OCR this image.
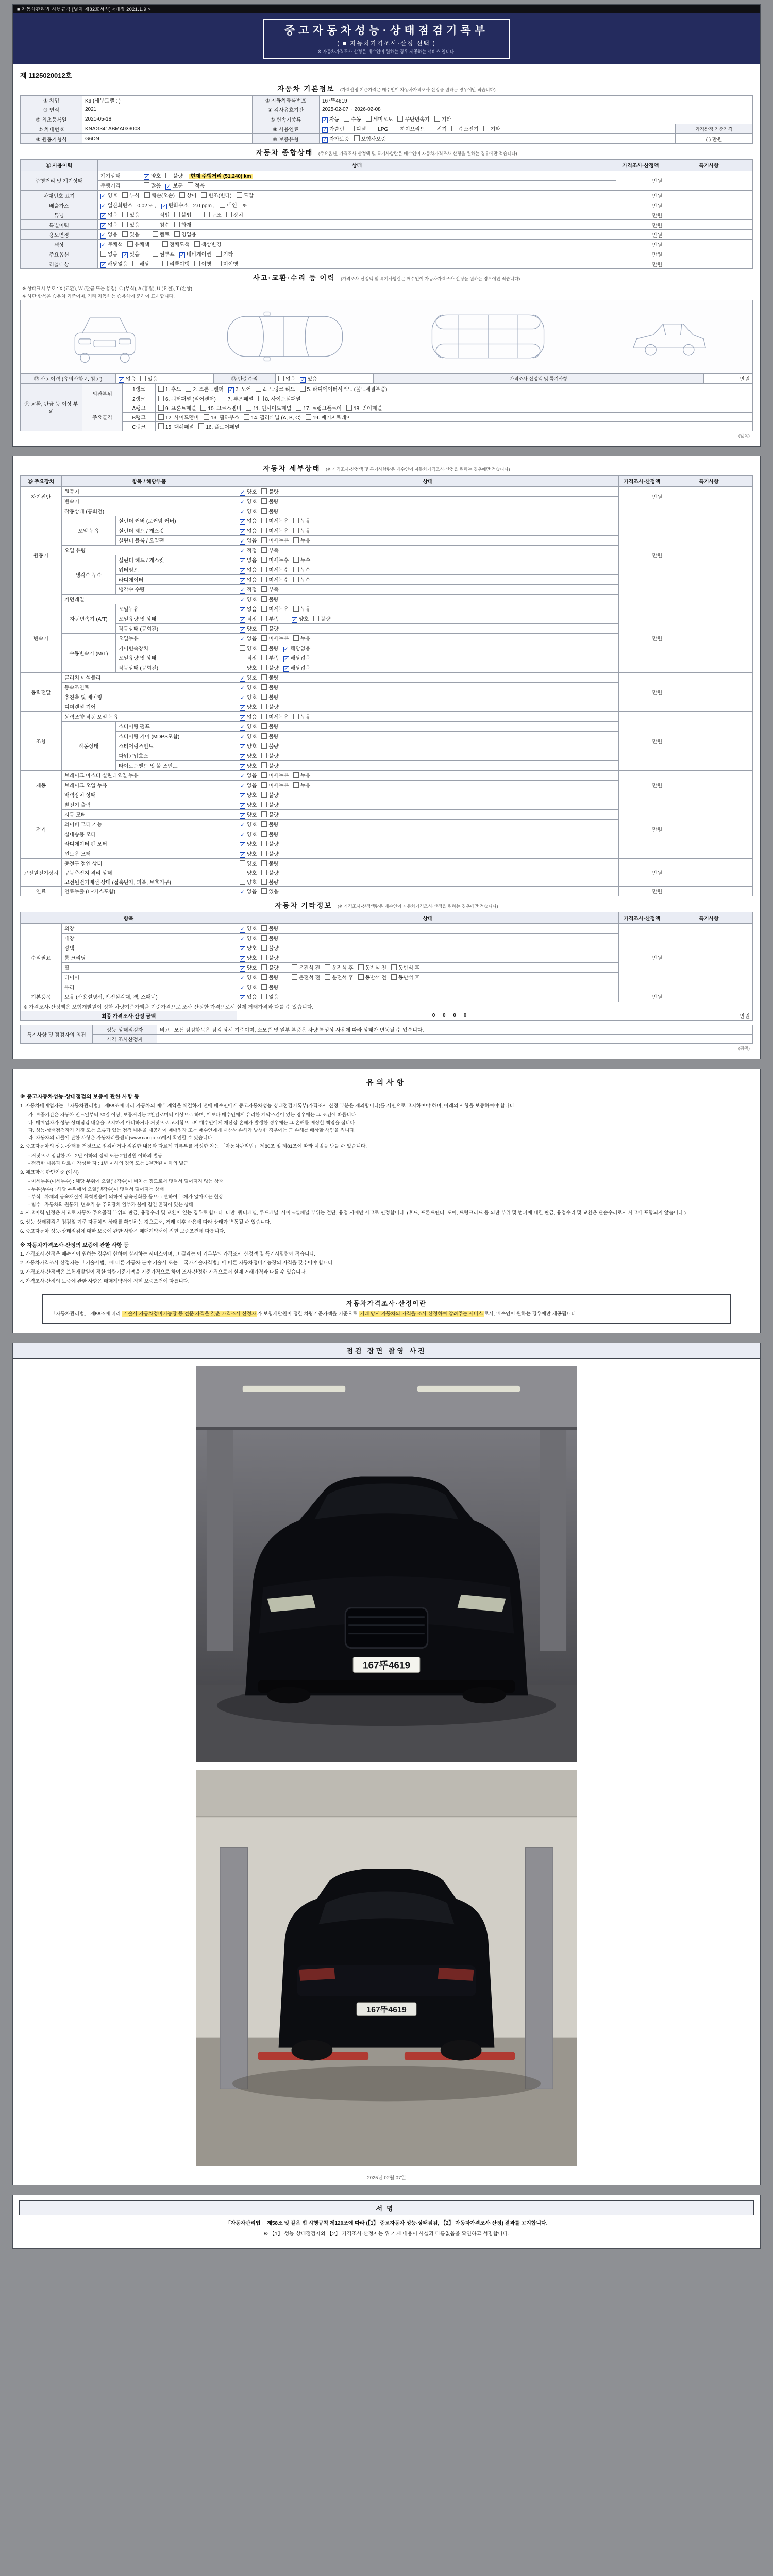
■ 자동차관리법 시행규칙 [별지 제82호서식] <개정 2021.1.9.>
중고자동차성능·상태점검기록부
( ■ 자동차가격조사·산정 선택 )
※ 자동차가격조사·산정은 매수인이 원하는 경우 제공하는 서비스 입니다.
제 1125020012호
자동차 기본정보 (가격산정 기준가격은 매수인이 자동차가격조사·산정을 원하는 경우에만 적습니다)
① 차명	K9 (세부모델 : )	② 자동차등록번호	167뚜4619	
③ 연식	2021	④ 검사유효기간	2025-02-07 ~ 2026-02-08	
⑤ 최초등록일	2021-05-18	⑥ 변속기종류	✓자동 수동 세미오토 무단변속기 기타
⑦ 차대번호	KNAG341ABMA033008	⑧ 사용연료	✓가솔린 디젤 LPG 하이브리드 전기 수소전기 기타	가격산정 기준가격
⑨ 원동기형식	G6DN	⑩ 보증유형	✓자가보증 보험사보증	( ) 만원
자동차 종합상태 (주요옵션, 가격조사·산정액 및 특기사항란은 매수인이 자동차가격조사·산정을 원하는 경우에만 적습니다)
⑪ 사용이력	상태	가격조사·산정액	특기사항
주행거리 및 계기상태	계기상태 ✓ 양호 불량 현재 주행거리 (51,240) km	만원	
	주행거리 많음 ✓ 보통 적음
차대번호 표기	✓양호 부식 훼손(오손) 상이 변조(변타) 도말	만원	
배출가스	✓일산화탄소 0.02 % , ✓ 탄화수소 2.0 ppm , 매연 %	만원	
튜닝	✓없음 있음 적법 불법 구조 장치	만원	
특별이력	✓없음 있음 침수 화재	만원	
용도변경	✓없음 있음 렌트 영업용	만원	
색상	✓무채색 유채색 전체도색 색상변경	만원	
주요옵션	없음 ✓ 있음 썬루프 ✓ 네비게이션 기타	만원	
리콜대상	✓해당없음 해당 리콜이행 이행 미이행	만원	
사고·교환·수리 등 이력 (가격조사·산정액 및 특기사항란은 매수인이 자동차가격조사·산정을 원하는 경우에만 적습니다)
※ 상태표시 부호 : X (교환), W (판금 또는 용접), C (부식), A (흠집), U (요철), T (손상)
※ 하단 항목은 승용차 기준이며, 기타 자동차는 승용차에 준하여 표시합니다.
⑫ 사고이력 (유의사항 4. 참고)	✓없음 있음	⑬ 단순수리	없음 ✓ 있음	가격조사·산정액 및 특기사항	만원
⑭ 교환, 판금 등 이상 부위	외판부위	1랭크	1. 후드 2. 프론트펜더 ✓ 3. 도어 4. 트렁크 리드 5. 라디에이터서포트 (볼트체결부품)
		2랭크	6. 쿼터패널 (리어펜더) 7. 루프패널 8. 사이드실패널
	주요골격	A랭크	9. 프론트패널 10. 크로스멤버 11. 인사이드패널 17. 트렁크플로어 18. 리어패널
		B랭크	12. 사이드멤버 13. 휠하우스 14. 필러패널 (A, B, C) 19. 패키지트레이
		C랭크	15. 대쉬패널 16. 플로어패널
(앞쪽)
자동차 세부상태 (※ 가격조사·산정액 및 특기사항란은 매수인이 자동차가격조사·산정을 원하는 경우에만 적습니다)
⑮ 주요장치	항목 / 해당부품		상태	가격조사·산정액	특기사항
자기진단	원동기	✓양호 불량	만원	
	변속기	✓양호 불량
원동기	작동상태 (공회전)	✓양호 불량	만원	
	오일 누유	실린더 커버 (로커암 커버)	✓없음 미세누유 누유
		실린더 헤드 / 개스킷	✓없음 미세누유 누유
		실린더 블록 / 오일팬	✓없음 미세누유 누유
	오일 유량	✓적정 부족
	냉각수 누수	실린더 헤드 / 개스킷	✓없음 미세누수 누수
		워터펌프	✓없음 미세누수 누수
		라디에이터	✓없음 미세누수 누수
		냉각수 수량	✓적정 부족
	커먼레일	✓양호 불량
변속기	자동변속기 (A/T)	오일누유	✓없음 미세누유 누유	만원	
		오일유량 및 상태	✓적정 부족 ✓ 양호 불량
		작동상태 (공회전)	✓양호 불량
	수동변속기 (M/T)	오일누유	✓없음 미세누유 누유
		기어변속장치	양호 불량 ✓ 해당없음
		오일유량 및 상태	적정 부족 ✓ 해당없음
		작동상태 (공회전)	양호 불량 ✓ 해당없음
동력전달	클러치 어셈블리	✓양호 불량	만원	
	등속조인트	✓양호 불량
	추진축 및 베어링	✓양호 불량
	디퍼렌셜 기어	✓양호 불량
조향	동력조향 작동 오일 누유	✓없음 미세누유 누유	만원	
	작동상태	스티어링 펌프	✓양호 불량
		스티어링 기어 (MDPS포함)	✓양호 불량
		스티어링조인트	✓양호 불량
		파워고압호스	✓양호 불량
		타이로드엔드 및 볼 조인트	✓양호 불량
제동	브레이크 마스터 실린더오일 누유	✓없음 미세누유 누유	만원	
	브레이크 오일 누유	✓없음 미세누유 누유
	배력장치 상태	✓양호 불량
전기	발전기 출력	✓양호 불량	만원	
	시동 모터	✓양호 불량
	와이퍼 모터 기능	✓양호 불량
	실내송풍 모터	✓양호 불량
	라디에이터 팬 모터	✓양호 불량
	윈도우 모터	✓양호 불량
고전원전기장치	충전구 절연 상태		양호 불량	만원	
	구동축전지 격리 상태		양호 불량		
	고전원전기배선 상태 (접속단자, 피복, 보호기구)		양호 불량		
연료	연료누출 (LP가스포함)	✓없음 있음	만원	
자동차 기타정보 (※ 가격조사·산정액란은 매수인이 자동차가격조사·산정을 원하는 경우에만 적습니다)
항목		상태	가격조사·산정액	특기사항
수리필요	외장	✓양호 불량	만원	
	내장	✓양호 불량
	광택	✓양호 불량
	룸 크리닝	✓양호 불량
	휠	✓양호 불량 운전석 전 운전석 후 동반석 전 동반석 후
	타이어	✓양호 불량 운전석 전 운전석 후 동반석 전 동반석 후
	유리	✓양호 불량
기본품목	보유 (사용설명서, 안전삼각대, 잭, 스패너)	✓있음 없음	만원	
※ 가격조사·산정액은 보험개발원이 정한 차량기준가액을 기준가격으로 조사·산정한 가격으로서 실제 거래가격과 다를 수 있습니다.				
최종 가격조사·산정 금액		0 0 0 0		만원
특기사항 및 점검자의 의견	성능·상태점검자	비고 : 모든 점검항목은 점검 당시 기준이며, 소모품 및 일부 부품은 차량 특성상 사용에 따라 상태가 변동될 수 있습니다.
	가격·조사산정자	
(뒤쪽)
유의사항
※ 중고자동차성능·상태점검의 보증에 관한 사항 등
1. 자동차매매업자는 「자동차관리법」 제58조에 따라 자동차의 매매 계약을 체결하기 전에 매수인에게 중고자동차성능·상태점검기록부(가격조사·산정 부분은 제외합니다)를 서면으로 고지하여야 하며, 아래의 사항을 보증하여야 합니다.
가. 보증기간은 자동차 인도일부터 30일 이상, 보증거리는 2천킬로미터 이상으로 하며, 이보다 매수인에게 유리한 계약조건이 있는 경우에는 그 조건에 따릅니다.
나. 매매업자가 성능·상태점검 내용을 고지하지 아니하거나 거짓으로 고지함으로써 매수인에게 재산상 손해가 발생한 경우에는 그 손해를 배상할 책임을 집니다.
다. 성능·상태점검자가 거짓 또는 오류가 있는 점검 내용을 제공하여 매매업자 또는 매수인에게 재산상 손해가 발생한 경우에는 그 손해를 배상할 책임을 집니다.
라. 자동차의 리콜에 관한 사항은 자동차리콜센터(www.car.go.kr)에서 확인할 수 있습니다.
2. 중고자동차의 성능·상태를 거짓으로 점검하거나 점검한 내용과 다르게 기록부를 작성한 자는 「자동차관리법」 제80조 및 제81조에 따라 처벌을 받을 수 있습니다.
- 거짓으로 점검한 자 : 2년 이하의 징역 또는 2천만원 이하의 벌금
- 점검한 내용과 다르게 작성한 자 : 1년 이하의 징역 또는 1천만원 이하의 벌금
3. 체크항목 판단기준 (예시)
- 미세누유(미세누수) : 해당 부위에 오일(냉각수)이 비치는 정도로서 맺혀서 떨어지지 않는 상태
- 누유(누수) : 해당 부위에서 오일(냉각수)이 맺혀서 떨어지는 상태
- 부식 : 차체의 금속재질이 화학반응에 의하여 금속산화물 등으로 변하여 두께가 얇아지는 현상
- 침수 : 자동차의 원동기, 변속기 등 주요장치 일부가 물에 잠긴 흔적이 있는 상태
4. 사고이력 인정은 사고로 자동차 주요골격 부위의 판금, 용접수리 및 교환이 있는 경우로 합니다. 다만, 쿼터패널, 루프패널, 사이드실패널 부위는 절단, 용접 시에만 사고로 인정합니다. (후드, 프론트펜더, 도어, 트렁크리드 등 외판 부위 및 범퍼에 대한 판금, 용접수리 및 교환은 단순수리로서 사고에 포함되지 않습니다.)
5. 성능·상태점검은 점검일 기준 자동차의 상태를 확인하는 것으로서, 거래 이후 사용에 따라 상태가 변동될 수 있습니다.
6. 중고자동차 성능·상태점검에 대한 보증에 관한 사항은 매매계약서에 적힌 보증조건에 따릅니다.
※ 자동차가격조사·산정의 보증에 관한 사항 등
1. 가격조사·산정은 매수인이 원하는 경우에 한하여 실시하는 서비스이며, 그 결과는 이 기록부의 가격조사·산정액 및 특기사항란에 적습니다.
2. 자동차가격조사·산정자는 「기술사법」에 따른 자동차 분야 기술사 또는 「국가기술자격법」에 따른 자동차정비기능장의 자격을 갖추어야 합니다.
3. 가격조사·산정액은 보험개발원이 정한 차량기준가액을 기준가격으로 하여 조사·산정한 가격으로서 실제 거래가격과 다를 수 있습니다.
4. 가격조사·산정의 보증에 관한 사항은 매매계약서에 적힌 보증조건에 따릅니다.
자동차가격조사·산정이란
「자동차관리법」 제58조에 따라 기술사·자동차정비기능장 등 전문 자격을 갖춘 가격조사·산정자 가 보험개발원이 정한 차량기준가액을 기준으로 거래 당시 자동차의 가격을 조사·산정하여 알려주는 서비스 로서, 매수인이 원하는 경우에만 제공됩니다.
점검 장면 촬영 사진
167뚜4619
167뚜4619
2025년 02월 07일
서명
「자동차관리법」 제58조 및 같은 법 시행규칙 제120조에 따라 (【1】 중고자동차 성능·상태점검, 【2】 자동차가격조사·산정) 결과를 고지합니다.
※ 【1】 성능·상태점검자와 【2】 가격조사·산정자는 위 기재 내용이 사실과 다름없음을 확인하고 서명합니다.
